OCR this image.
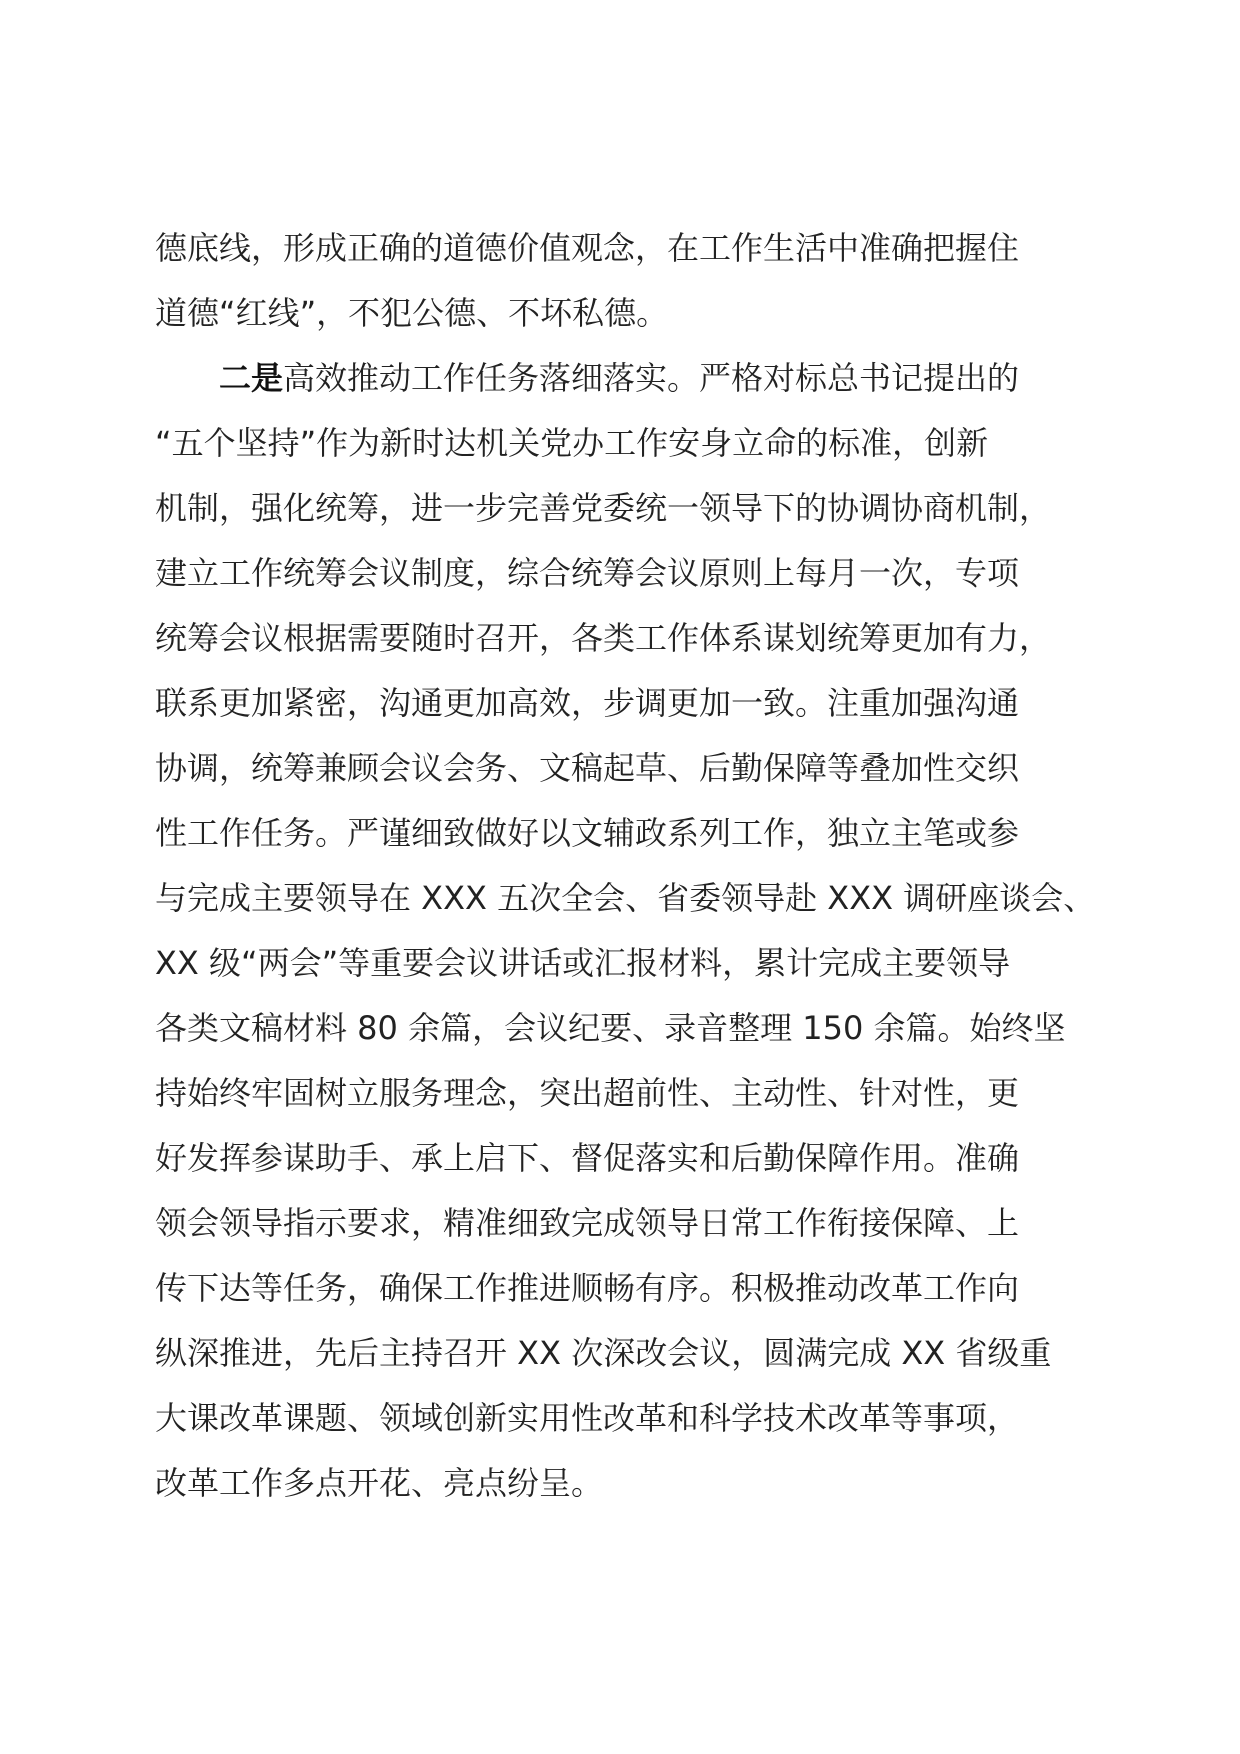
德底线，形成正确的道德价值观念，在工作生活中准确把握住
道德“红线”，不犯公德、不坏私德。
　　二是高效推动工作任务落细落实。严格对标总书记提出的
“五个坚持”作为新时达机关党办工作安身立命的标准，创新
机制，强化统筹，进一步完善党委统一领导下的协调协商机制，
建立工作统筹会议制度，综合统筹会议原则上每月一次，专项
统筹会议根据需要随时召开，各类工作体系谋划统筹更加有力，
联系更加紧密，沟通更加高效，步调更加一致。注重加强沟通
协调，统筹兼顾会议会务、文稿起草、后勤保障等叠加性交织
性工作任务。严谨细致做好以文辅政系列工作，独立主笔或参
与完成主要领导在 XXX 五次全会、省委领导赴 XXX 调研座谈会、
XX 级“两会”等重要会议讲话或汇报材料，累计完成主要领导
各类文稿材料 80 余篇，会议纪要、录音整理 150 余篇。始终坚
持始终牢固树立服务理念，突出超前性、主动性、针对性，更
好发挥参谋助手、承上启下、督促落实和后勤保障作用。准确
领会领导指示要求，精准细致完成领导日常工作衔接保障、上
传下达等任务，确保工作推进顺畅有序。积极推动改革工作向
纵深推进，先后主持召开 XX 次深改会议，圆满完成 XX 省级重
大课改革课题、领域创新实用性改革和科学技术改革等事项，
改革工作多点开花、亮点纷呈。
